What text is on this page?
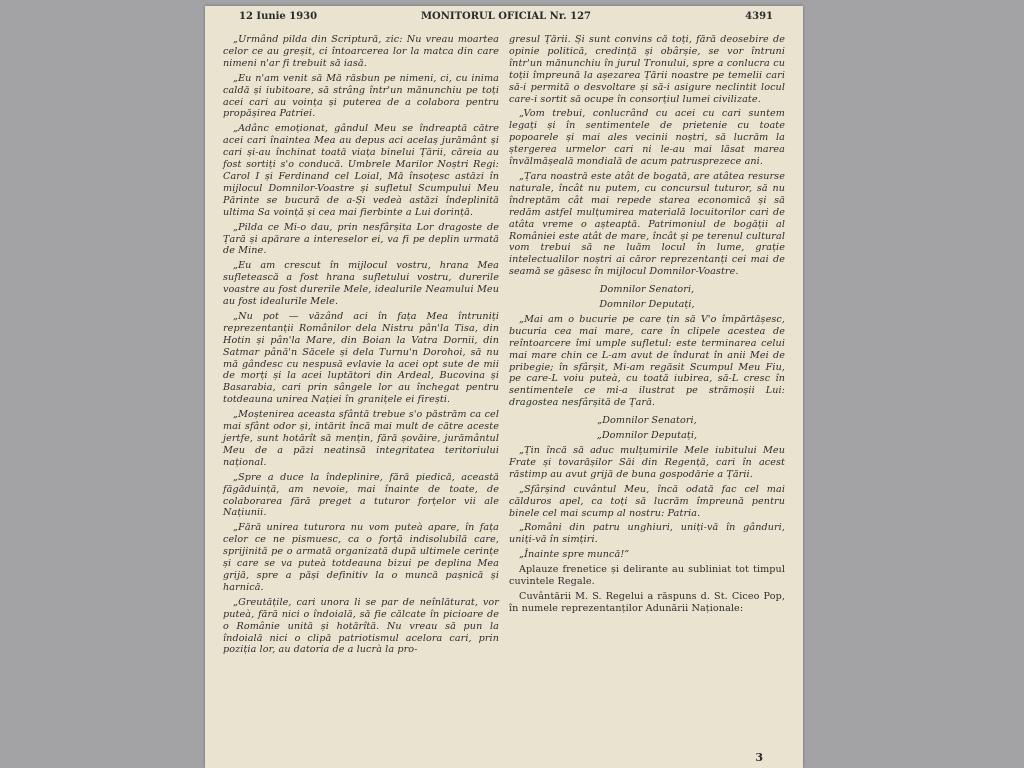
12 Iunie 1930	MONITORUL OFICIAL Nr. 127	4391

„Urmând pilda din Scriptură, zic: Nu vreau moartea celor ce au greșit, ci întoarcerea lor la matca din care nimeni n'ar fi trebuit să iasă.

„Eu n'am venit să Mă răsbun pe nimeni, ci, cu inima caldă și iubitoare, să strâng într'un mănunchiu pe toți acei cari au voința și puterea de a colabora pentru propășirea Patriei.

„Adânc emoționat, gândul Meu se îndreaptă către acei cari înaintea Mea au depus aci acelaș jurământ și cari și-au închinat toată viața binelui Țării, căreia au fost sortiți s'o conducă. Umbrele Marilor Noștri Regi: Carol I și Ferdinand cel Loial, Mă însoțesc astăzi în mijlocul Domnilor-Voastre și sufletul Scumpului Meu Părinte se bucură de a-Și vedeà astăzi îndeplinită ultima Sa voință și cea mai fierbinte a Lui dorință.

„Pilda ce Mi-o dau, prin nesfârșita Lor dragoste de Țară și apărare a intereselor ei, va fi pe deplin urmată de Mine.

„Eu am crescut în mijlocul vostru, hrana Mea sufletească a fost hrana sufletului vostru, durerile voastre au fost durerile Mele, idealurile Neamului Meu au fost idealurile Mele.

„Nu pot — văzând aci în fața Mea întruniți reprezentanții Românilor dela Nistru pân'la Tisa, din Hotin și pân'la Mare, din Boian la Vatra Dornii, din Satmar până'n Săcele și dela Turnu'n Dorohoi, să nu mă gândesc cu nespusă evlavie la acei opt sute de mii de morți și la acei luptători din Ardeal, Bucovina și Basarabia, cari prin sângele lor au închegat pentru totdeauna unirea Nației în granițele ei firești.

„Moștenirea aceasta sfântă trebue s'o păstrăm ca cel mai sfânt odor și, intărit încă mai mult de către aceste jertfe, sunt hotărît să mențin, fără șovăire, jurământul Meu de a păzi neatinsă integritatea teritoriului național.

„Spre a duce la îndeplinire, fără piedică, această făgăduință, am nevoie, mai înainte de toate, de colaborarea fără preget a tuturor forțelor vii ale Națiunii.

„Fără unirea tuturora nu vom puteà apare, în fața celor ce ne pismuesc, ca o forță indisolubilă care, sprijinită pe o armată organizată după ultimele cerințe și care se va puteà totdeauna bizui pe deplina Mea grijă, spre a păși definitiv la o muncă pașnică și harnică.

„Greutățile, cari unora li se par de neînlăturat, vor puteà, fără nici o îndoială, să fie călcate în picioare de o Românie unită și hotărîtă. Nu vreau să pun la îndoială nici o clipă patriotismul acelora cari, prin poziția lor, au datoria de a lucrà la pro-

gresul Țării. Și sunt convins că toți, fără deosebire de opinie politică, credință și obârșie, se vor întruni într'un mănunchiu în jurul Tronului, spre a conlucra cu toții împreună la așezarea Țării noastre pe temelii cari să-i permită o desvoltare și să-i asigure neclintit locul care-i sortit să ocupe în consorțiul lumei civilizate.

„Vom trebui, conlucrând cu acei cu cari suntem legați și în sentimentele de prietenie cu toate popoarele și mai ales vecinii noștri, să lucrăm la ștergerea urmelor cari ni le-au mai lăsat marea învălmășeală mondială de acum patrusprezece ani.

„Țara noastră este atât de bogată, are atâtea resurse naturale, încât nu putem, cu concursul tuturor, să nu îndreptăm cât mai repede starea economică și să redăm astfel mulțumirea materială locuitorilor cari de atâta vreme o așteaptă. Patrimoniul de bogății al României este atât de mare, încât și pe terenul cultural vom trebui să ne luăm locul în lume, grație intelectualilor noștri ai căror reprezentanți cei mai de seamă se găsesc în mijlocul Domnilor-Voastre.

Domnilor Senatori,

Domnilor Deputați,

„Mai am o bucurie pe care țin să V'o împărtășesc, bucuria cea mai mare, care în clipele acestea de reîntoarcere îmi umple sufletul: este terminarea celui mai mare chin ce L-am avut de îndurat în anii Mei de pribegie; în sfârșit, Mi-am regăsit Scumpul Meu Fiu, pe care-L voiu puteà, cu toată iubirea, să-L cresc în sentimentele ce mi-a ilustrat pe strămoșii Lui: dragostea nesfârșită de Țară.

„Domnilor Senatori,

„Domnilor Deputați,

„Țin încă să aduc mulțumirile Mele iubitului Meu Frate și tovarășilor Săi din Regență, cari în acest răstimp au avut grijă de buna gospodărie a Țării.

„Sfârșind cuvântul Meu, încă odată fac cel mai călduros apel, ca toți să lucrăm împreună pentru binele cel mai scump al nostru: Patria.

„Români din patru unghiuri, uniți-vă în gânduri, uniți-vă în simțiri.

„Înainte spre muncă!”

Aplauze frenetice și delirante au subliniat tot timpul cuvintele Regale.

Cuvântării M. S. Regelui a răspuns d. St. Ciceo Pop, în numele reprezentanților Adunării Naționale:

3
